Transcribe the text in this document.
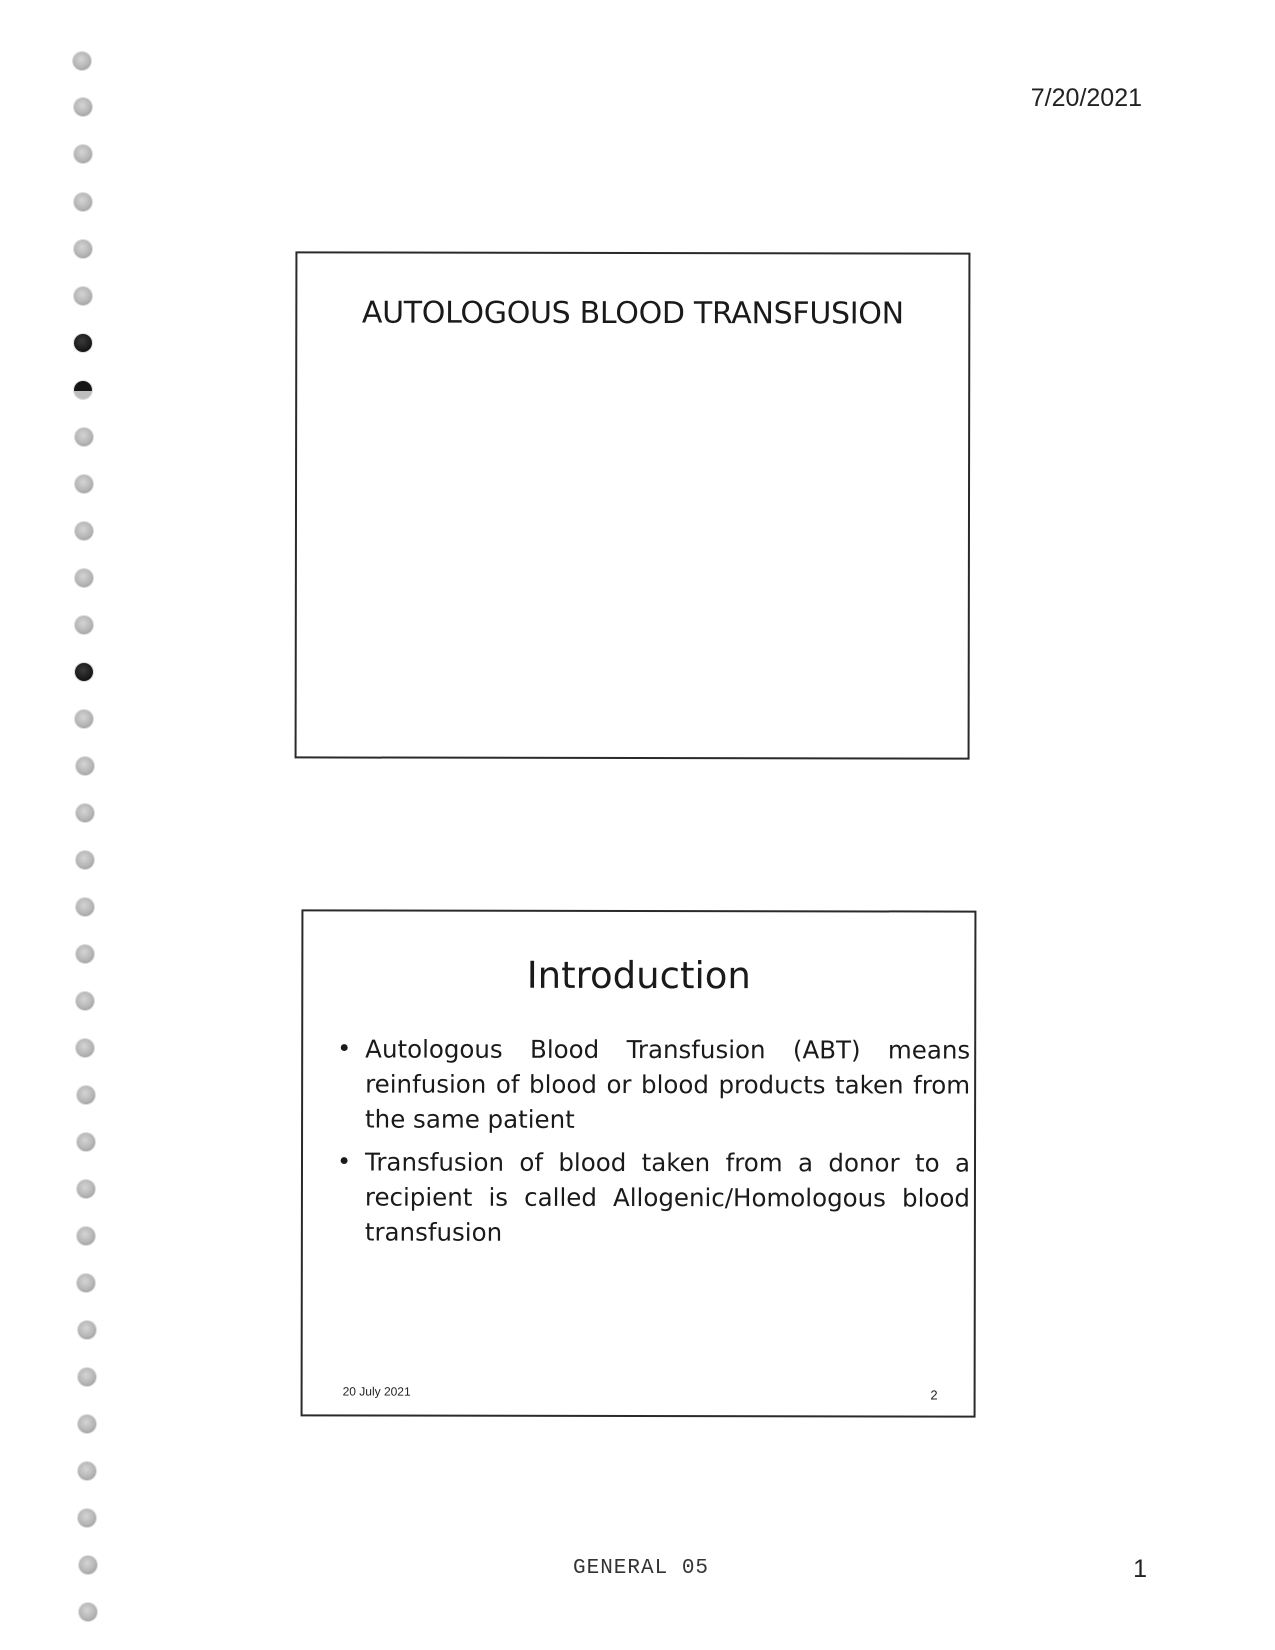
7/20/2021
AUTOLOGOUS BLOOD TRANSFUSION
Introduction
• Autologous Blood Transfusion (ABT) means reinfusion of blood or blood products taken from the same patient
• Transfusion of blood taken from a donor to a recipient is called Allogenic/Homologous blood transfusion
20 July 2021	2
GENERAL 05	1
